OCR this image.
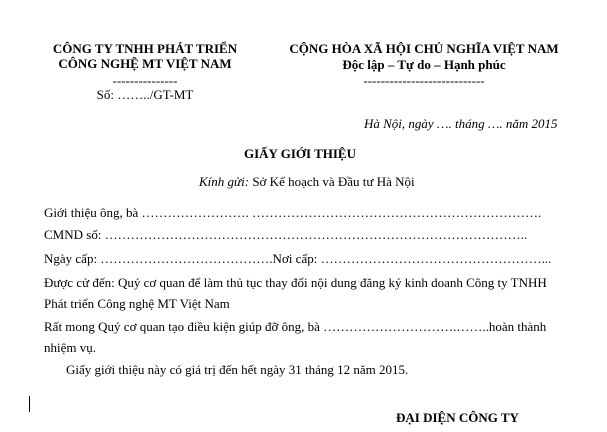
CÔNG TY TNHH PHÁT TRIỂN
CÔNG NGHỆ MT VIỆT NAM
---------------
Số: ……../GT-MT
CỘNG HÒA XÃ HỘI CHỦ NGHĨA VIỆT NAM
Độc lập – Tự do – Hạnh phúc
----------------------------
Hà Nội, ngày …. tháng …. năm 2015
GIẤY GIỚI THIỆU
Kính gửi: Sở Kế hoạch và Đầu tư Hà Nội
Giới thiệu ông, bà ……………………. ………………………………………………………….
CMND số: ……………………………………………………………………………………..
Ngày cấp: ………………………………….Nơi cấp: ……………………………………………...
Được cử đến: Quý cơ quan để làm thủ tục thay đổi nội dung đăng ký kinh doanh Công ty TNHH
Phát triển Công nghệ MT Việt Nam
Rất mong Quý cơ quan tạo điều kiện giúp đỡ ông, bà ………………………….……..hoàn thành
nhiệm vụ.
Giấy giới thiệu này có giá trị đến hết ngày 31 tháng 12 năm 2015.
ĐẠI DIỆN CÔNG TY
